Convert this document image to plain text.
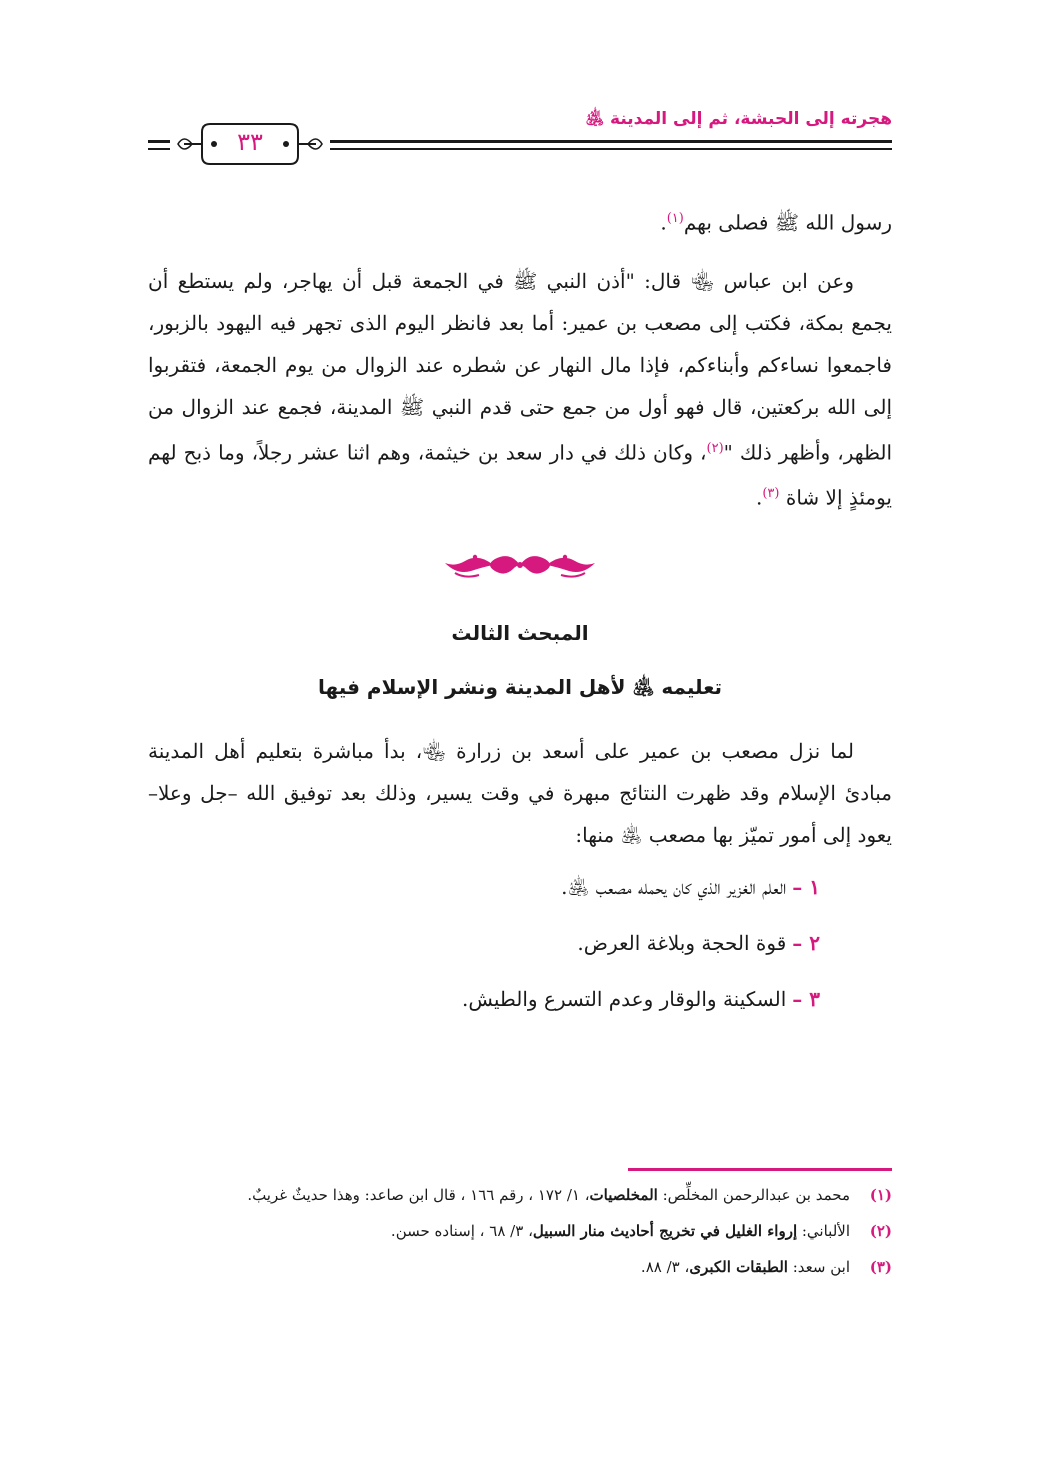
هجرته إلى الحبشة، ثم إلى المدينة ﵁
٣٣

رسول الله ﷺ فصلى بهم$^{(١)}$.

وعن ابن عباس ﵄ قال: "أذن النبي ﷺ في الجمعة قبل أن يهاجر، ولم يستطع أن يجمع بمكة، فكتب إلى مصعب بن عمير: أما بعد فانظر اليوم الذى تجهر فيه اليهود بالزبور، فاجمعوا نساءكم وأبناءكم، فإذا مال النهار عن شطره عند الزوال من يوم الجمعة، فتقربوا إلى الله بركعتين، قال فهو أول من جمع حتى قدم النبي ﷺ المدينة، فجمع عند الزوال من الظهر، وأظهر ذلك "$^{(٢)}$، وكان ذلك في دار سعد بن خيثمة، وهم اثنا عشر رجلاً، وما ذبح لهم يومئذٍ إلا شاة $^{(٣)}$.

المبحث الثالث
تعليمه ﵁ لأهل المدينة ونشر الإسلام فيها

لما نزل مصعب بن عمير على أسعد بن زرارة ﵄، بدأ مباشرة بتعليم أهل المدينة مبادئ الإسلام وقد ظهرت النتائج مبهرة في وقت يسير، وذلك بعد توفيق الله –جل وعلا– يعود إلى أمور تميّز بها مصعب ﵁ منها:

١ –العلم الغزير الذي كان يحمله مصعب ﵁.
٢ –قوة الحجة وبلاغة العرض.
٣ –السكينة والوقار وعدم التسرع والطيش.

(١)
محمد بن عبدالرحمن المخلِّص: المخلصيات، ١/ ١٧٢ ، رقم ١٦٦ ، قال ابن صاعد: وهذا حديثٌ غريبٌ.

(٢)
الألباني: إرواء الغليل في تخريج أحاديث منار السبيل، ٣/ ٦٨ ، إسناده حسن.

(٣)
ابن سعد: الطبقات الكبرى، ٣/ ٨٨.
